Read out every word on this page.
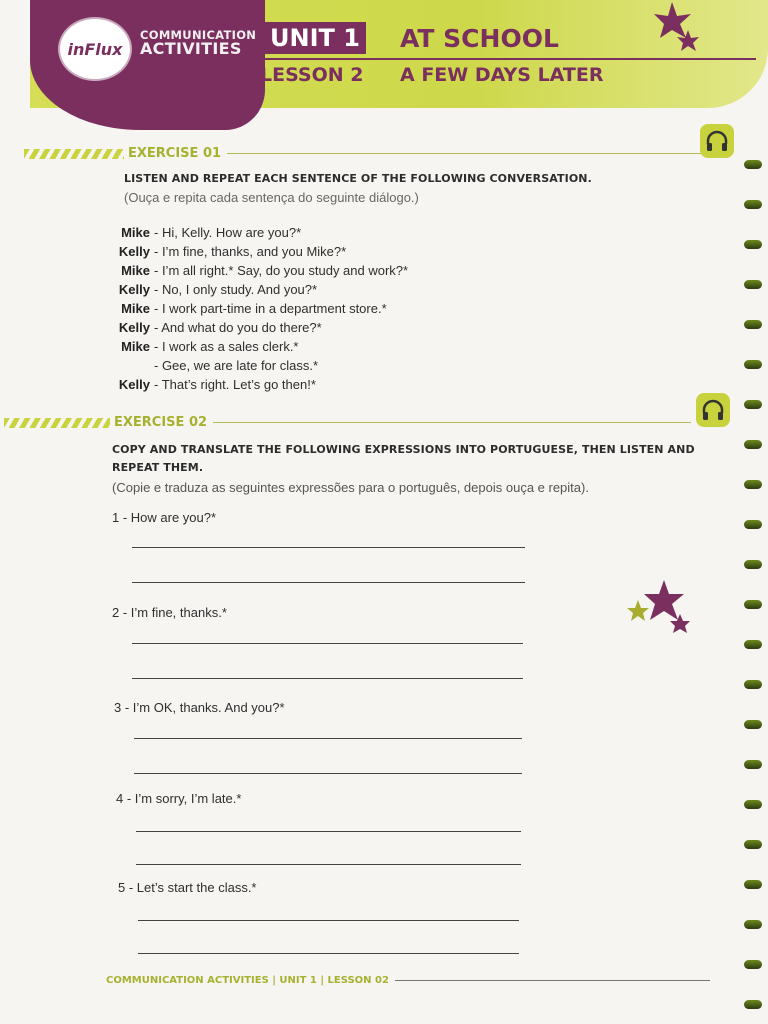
inFlux
COMMUNICATION
ACTIVITIES	UNIT 1 AT SCHOOL
LESSON 2 A FEW DAYS LATER
EXERCISE 01
LISTEN AND REPEAT EACH SENTENCE OF THE FOLLOWING CONVERSATION.
(Ouça e repita cada sentença do seguinte diálogo.)
Mike - Hi, Kelly. How are you?*
Kelly - I’m fine, thanks, and you Mike?*
Mike - I’m all right.* Say, do you study and work?*
Kelly - No, I only study. And you?*
Mike - I work part-time in a department store.*
Kelly - And what do you do there?*
Mike - I work as a sales clerk.*
- Gee, we are late for class.*
Kelly - That’s right. Let’s go then!*
EXERCISE 02
COPY AND TRANSLATE THE FOLLOWING EXPRESSIONS INTO PORTUGUESE, THEN LISTEN AND
REPEAT THEM.
(Copie e traduza as seguintes expressões para o português, depois ouça e repita).
1 - How are you?*
2 - I’m fine, thanks.*
3 - I’m OK, thanks. And you?*
4 - I’m sorry, I’m late.*
5 - Let’s start the class.*
COMMUNICATION ACTIVITIES | UNIT 1 | LESSON 02
